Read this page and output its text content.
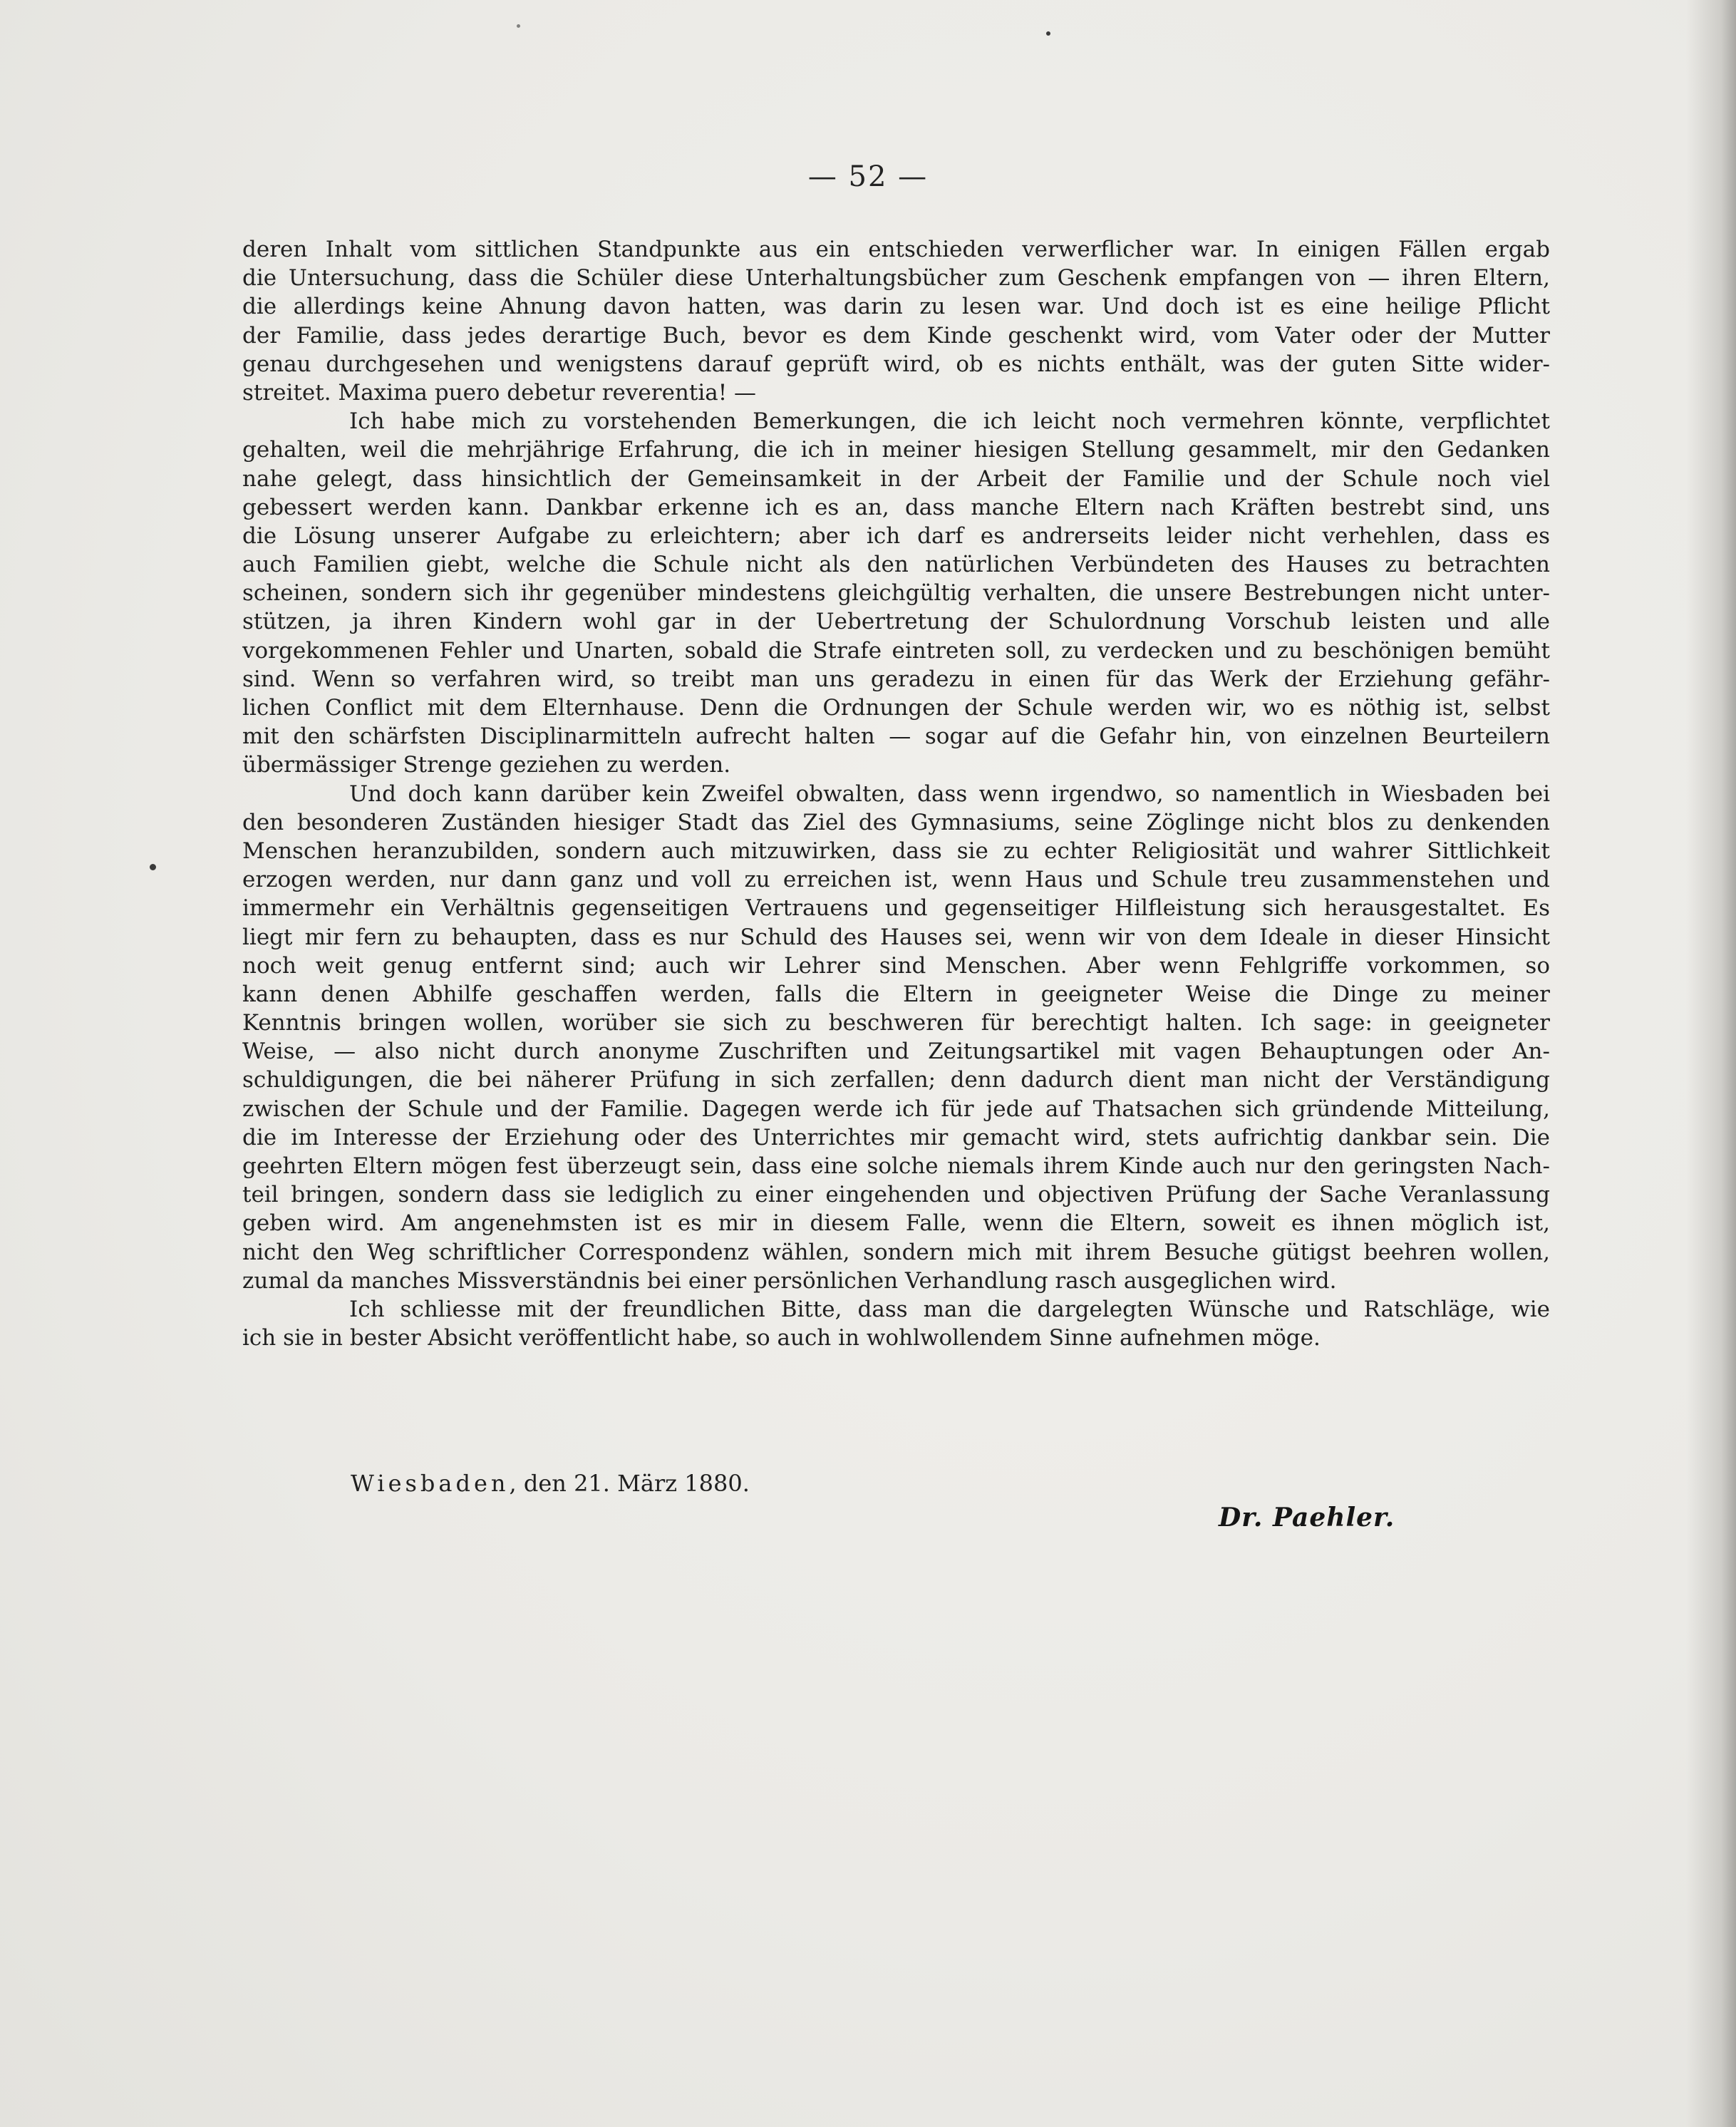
— 52 —
deren Inhalt vom sittlichen Standpunkte aus ein entschieden verwerflicher war. In einigen Fällen ergab
die Untersuchung, dass die Schüler diese Unterhaltungsbücher zum Geschenk empfangen von — ihren Eltern,
die allerdings keine Ahnung davon hatten, was darin zu lesen war. Und doch ist es eine heilige Pflicht
der Familie, dass jedes derartige Buch, bevor es dem Kinde geschenkt wird, vom Vater oder der Mutter
genau durchgesehen und wenigstens darauf geprüft wird, ob es nichts enthält, was der guten Sitte wider-
streitet. Maxima puero debetur reverentia! —
Ich habe mich zu vorstehenden Bemerkungen, die ich leicht noch vermehren könnte, verpflichtet
gehalten, weil die mehrjährige Erfahrung, die ich in meiner hiesigen Stellung gesammelt, mir den Gedanken
nahe gelegt, dass hinsichtlich der Gemeinsamkeit in der Arbeit der Familie und der Schule noch viel
gebessert werden kann. Dankbar erkenne ich es an, dass manche Eltern nach Kräften bestrebt sind, uns
die Lösung unserer Aufgabe zu erleichtern; aber ich darf es andrerseits leider nicht verhehlen, dass es
auch Familien giebt, welche die Schule nicht als den natürlichen Verbündeten des Hauses zu betrachten
scheinen, sondern sich ihr gegenüber mindestens gleichgültig verhalten, die unsere Bestrebungen nicht unter-
stützen, ja ihren Kindern wohl gar in der Uebertretung der Schulordnung Vorschub leisten und alle
vorgekommenen Fehler und Unarten, sobald die Strafe eintreten soll, zu verdecken und zu beschönigen bemüht
sind. Wenn so verfahren wird, so treibt man uns geradezu in einen für das Werk der Erziehung gefähr-
lichen Conflict mit dem Elternhause. Denn die Ordnungen der Schule werden wir, wo es nöthig ist, selbst
mit den schärfsten Disciplinarmitteln aufrecht halten — sogar auf die Gefahr hin, von einzelnen Beurteilern
übermässiger Strenge geziehen zu werden.
Und doch kann darüber kein Zweifel obwalten, dass wenn irgendwo, so namentlich in Wiesbaden bei
den besonderen Zuständen hiesiger Stadt das Ziel des Gymnasiums, seine Zöglinge nicht blos zu denkenden
Menschen heranzubilden, sondern auch mitzuwirken, dass sie zu echter Religiosität und wahrer Sittlichkeit
erzogen werden, nur dann ganz und voll zu erreichen ist, wenn Haus und Schule treu zusammenstehen und
immermehr ein Verhältnis gegenseitigen Vertrauens und gegenseitiger Hilfleistung sich herausgestaltet. Es
liegt mir fern zu behaupten, dass es nur Schuld des Hauses sei, wenn wir von dem Ideale in dieser Hinsicht
noch weit genug entfernt sind; auch wir Lehrer sind Menschen. Aber wenn Fehlgriffe vorkommen, so
kann denen Abhilfe geschaffen werden, falls die Eltern in geeigneter Weise die Dinge zu meiner
Kenntnis bringen wollen, worüber sie sich zu beschweren für berechtigt halten. Ich sage: in geeigneter
Weise, — also nicht durch anonyme Zuschriften und Zeitungsartikel mit vagen Behauptungen oder An-
schuldigungen, die bei näherer Prüfung in sich zerfallen; denn dadurch dient man nicht der Verständigung
zwischen der Schule und der Familie. Dagegen werde ich für jede auf Thatsachen sich gründende Mitteilung,
die im Interesse der Erziehung oder des Unterrichtes mir gemacht wird, stets aufrichtig dankbar sein. Die
geehrten Eltern mögen fest überzeugt sein, dass eine solche niemals ihrem Kinde auch nur den geringsten Nach-
teil bringen, sondern dass sie lediglich zu einer eingehenden und objectiven Prüfung der Sache Veranlassung
geben wird. Am angenehmsten ist es mir in diesem Falle, wenn die Eltern, soweit es ihnen möglich ist,
nicht den Weg schriftlicher Correspondenz wählen, sondern mich mit ihrem Besuche gütigst beehren wollen,
zumal da manches Missverständnis bei einer persönlichen Verhandlung rasch ausgeglichen wird.
Ich schliesse mit der freundlichen Bitte, dass man die dargelegten Wünsche und Ratschläge, wie
ich sie in bester Absicht veröffentlicht habe, so auch in wohlwollendem Sinne aufnehmen möge.
Wiesbaden, den 21. März 1880.
Dr. Paehler.
